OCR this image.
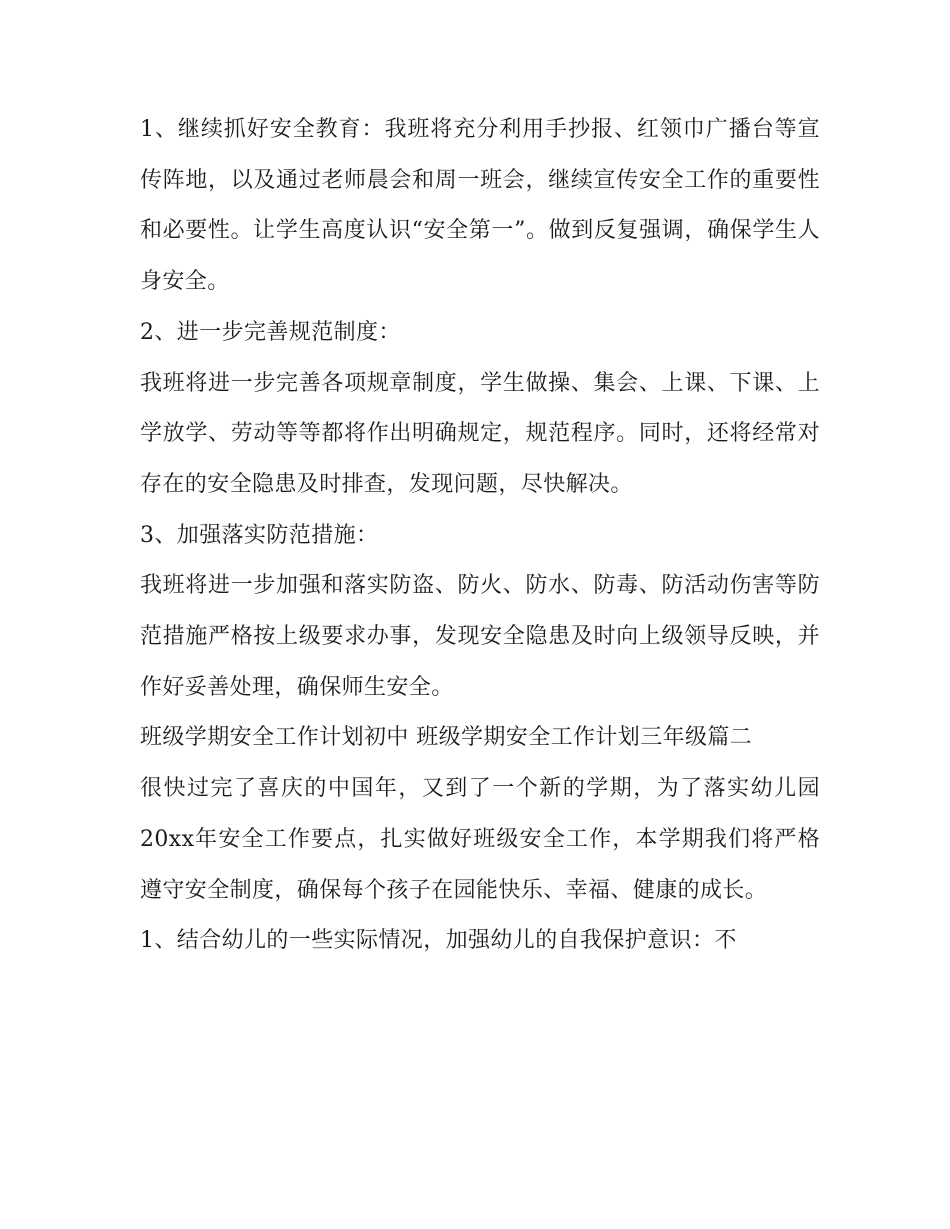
1、继续抓好安全教育：我班将充分利用手抄报、红领巾广播台等宣传阵地，以及通过老师晨会和周一班会，继续宣传安全工作的重要性和必要性。让学生高度认识“安全第一”。做到反复强调，确保学生人身安全。

2、进一步完善规范制度：

我班将进一步完善各项规章制度，学生做操、集会、上课、下课、上学放学、劳动等等都将作出明确规定，规范程序。同时，还将经常对存在的安全隐患及时排查，发现问题，尽快解决。

3、加强落实防范措施：

我班将进一步加强和落实防盗、防火、防水、防毒、防活动伤害等防范措施严格按上级要求办事，发现安全隐患及时向上级领导反映，并作好妥善处理，确保师生安全。

班级学期安全工作计划初中 班级学期安全工作计划三年级篇二

很快过完了喜庆的中国年，又到了一个新的学期，为了落实幼儿园20xx年安全工作要点，扎实做好班级安全工作，本学期我们将严格遵守安全制度，确保每个孩子在园能快乐、幸福、健康的成长。

1、结合幼儿的一些实际情况，加强幼儿的自我保护意识：不
